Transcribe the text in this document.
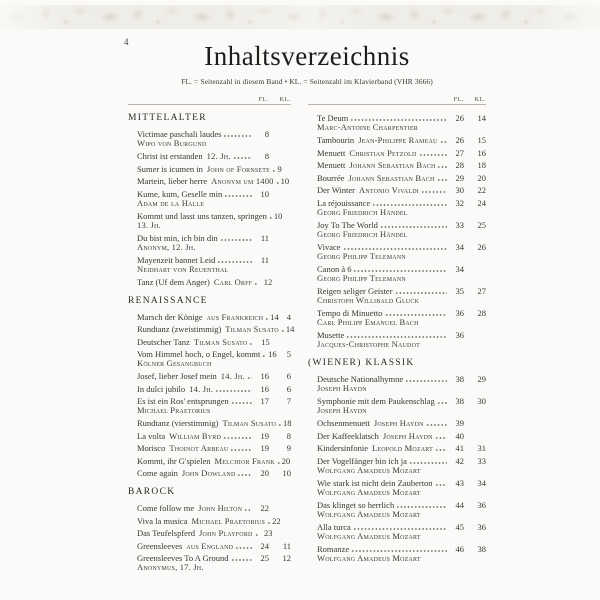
4	Inhaltsverzeichnis
FL. = Seitenzahl in diesem Band • KL. = Seitenzahl im Klavierband (VHR 3666)
FL.	KL.
MITTELALTER
Victimae paschali laudes	8
Wipo von Burgund
Christ ist erstanden 12. Jh.	8
Sumer is icumen in John of Fornsete 9
Martein, lieber herre Anonym um 1400 10
Kume, kum, Geselle min	10
Adam de la Halle
Kommt und lasst uns tanzen, springen 10
13. Jh.
Du bist min, ich bin din	11
Anonym, 12. Jh.
Mayenzeit bannet Leid	11
Neidhart von Reuenthal
Tanz (Uf dem Anger) Carl Orff	12
RENAISSANCE
Marsch der Könige aus Frankreich 14 4
Rundtanz (zweistimmig) Tilman Susato 14
Deutscher Tanz Tilman Susato	15
Vom Himmel hoch, o Engel, kommt 16	5
Kölner Gesangbuch
Josef, lieber Josef mein 14. Jh.	16	6
In dulci jubilo 14. Jh.	16	6
Es ist ein Ros' entsprungen	17	7
Michael Praetorius
Rundtanz (vierstimmig) Tilman Susato 18
La volta William Byrd	19	8
Morisco Thoinot Arbeau	19	9
Kommt, ihr G'spielen Melchior Frank 20
Come again John Dowland	20	10
BAROCK
Come follow me John Hilton	22
Viva la musica Michael Praetorius 22
Das Teufelspferd John Playford	23
Greensleeves aus England	24	11
Greensleeves To A Ground	25	12
Anonymus, 17. Jh.
FL.	KL.
Te Deum	26	14
Marc-Antoine Charpentier
Tambourin Jean-Philippe Rameau	26	15
Menuett Christian Petzold	27	16
Menuett Johann Sebastian Bach	28	18
Bourrée Johann Sebastian Bach	29	20
Der Winter Antonio Vivaldi	30	22
La réjouissance	32	24
Georg Friedrich Händel
Joy To The World	33	25
Georg Friedrich Händel
Vivace	34	26
Georg Philipp Telemann
Canon à 6	34
Georg Philipp Telemann
Reigen seliger Geister	35	27
Christoph Willibald Gluck
Tempo di Minuetto	36	28
Carl Philipp Emanuel Bach
Musette	36
Jacques-Christophe Naudot
(WIENER) KLASSIK
Deutsche Nationalhymne	38	29
Joseph Haydn
Symphonie mit dem Paukenschlag	38	30
Joseph Haydn
Ochsenmenuett Joseph Haydn	39
Der Kaffeeklatsch Joseph Haydn	40
Kindersinfonie Leopold Mozart	41	31
Der Vogelfänger bin ich ja	42	33
Wolfgang Amadeus Mozart
Wie stark ist nicht dein Zauberton	43	34
Wolfgang Amadeus Mozart
Das klinget so herrlich	44	36
Wolfgang Amadeus Mozart
Alla turca	45	36
Wolfgang Amadeus Mozart
Romanze	46	38
Wolfgang Amadeus Mozart
